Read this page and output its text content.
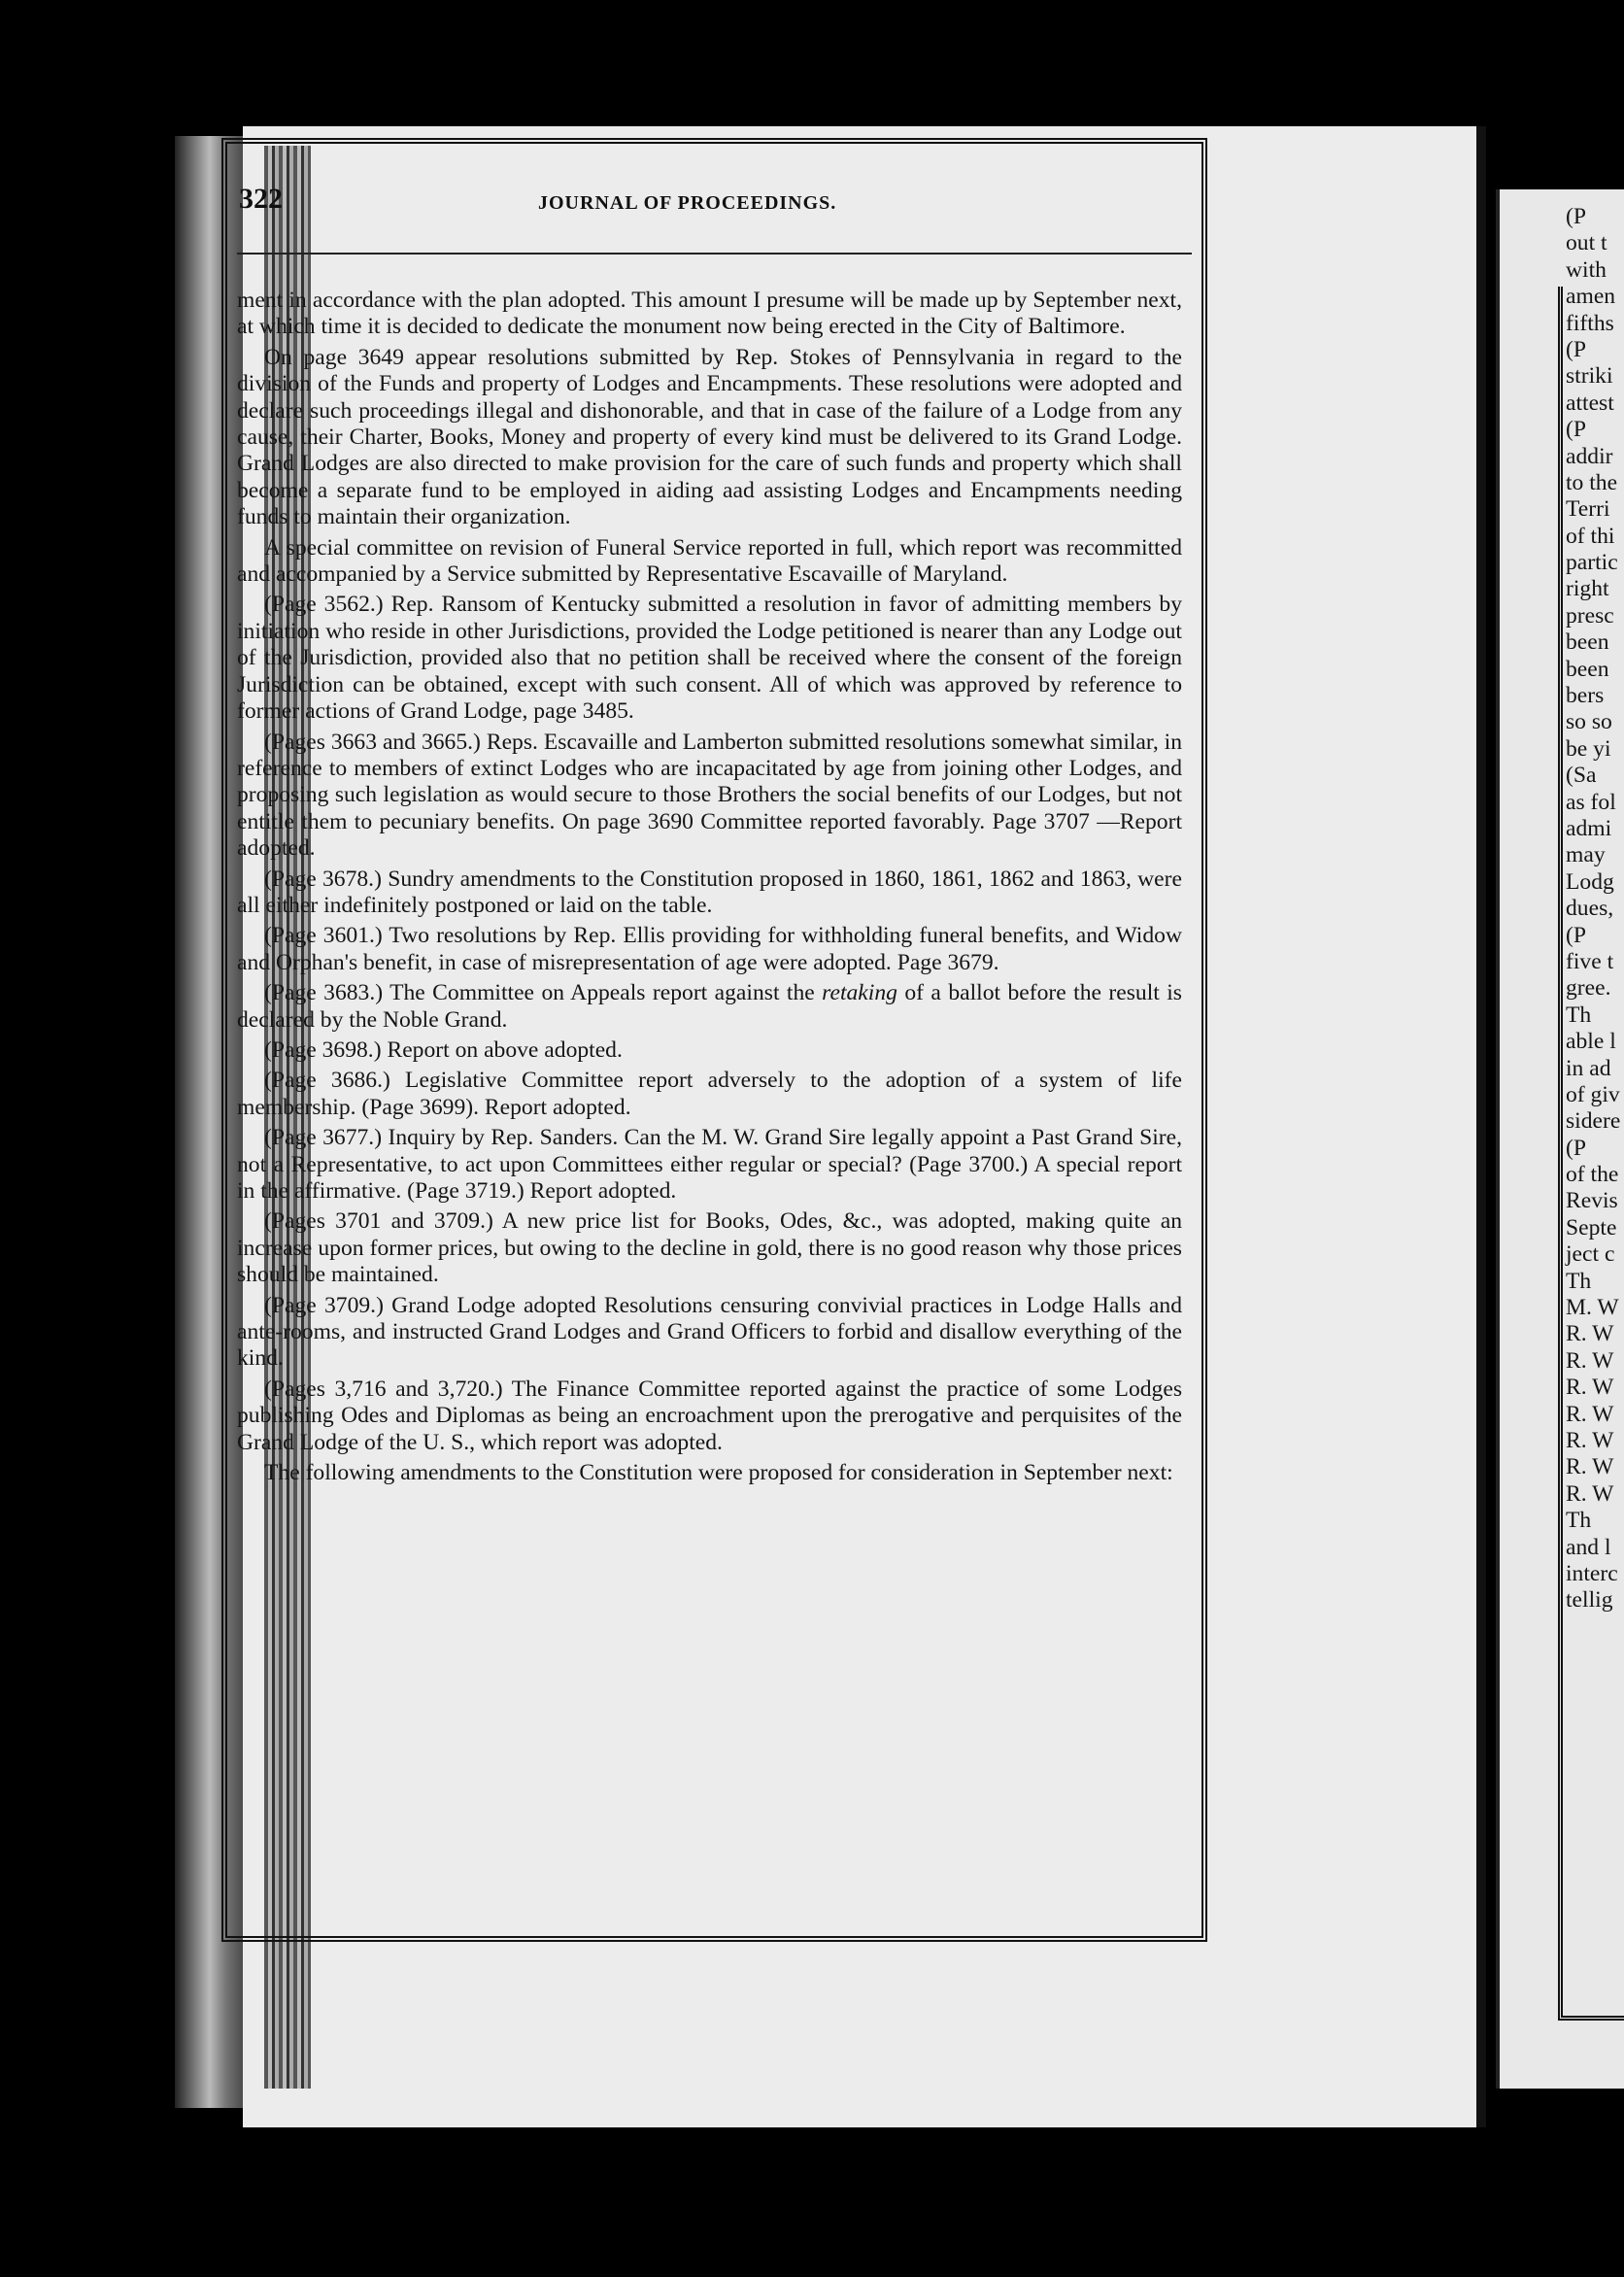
322	JOURNAL OF PROCEEDINGS.

ment in accordance with the plan adopted. This amount I presume will be made up by September next, at which time it is decided to dedicate the monument now being erected in the City of Baltimore.

On page 3649 appear resolutions submitted by Rep. Stokes of Pennsylvania in regard to the division of the Funds and property of Lodges and Encampments. These resolutions were adopted and declare such proceedings illegal and dishonorable, and that in case of the failure of a Lodge from any cause, their Charter, Books, Money and property of every kind must be delivered to its Grand Lodge. Grand Lodges are also directed to make provision for the care of such funds and property which shall become a separate fund to be employed in aiding aad assisting Lodges and Encampments needing funds to maintain their organization.

A special committee on revision of Funeral Service reported in full, which report was recommitted and accompanied by a Service submitted by Representative Escavaille of Maryland.

(Page 3562.) Rep. Ransom of Kentucky submitted a resolution in favor of admitting members by initiation who reside in other Jurisdictions, provided the Lodge petitioned is nearer than any Lodge out of the Jurisdiction, provided also that no petition shall be received where the consent of the foreign Jurisdiction can be obtained, except with such consent. All of which was approved by reference to former actions of Grand Lodge, page 3485.

(Pages 3663 and 3665.) Reps. Escavaille and Lamberton submitted resolutions somewhat similar, in reference to members of extinct Lodges who are incapacitated by age from joining other Lodges, and proposing such legislation as would secure to those Brothers the social benefits of our Lodges, but not entitle them to pecuniary benefits. On page 3690 Committee reported favorably. Page 3707 —Report adopted.

(Page 3678.) Sundry amendments to the Constitution proposed in 1860, 1861, 1862 and 1863, were all either indefinitely postponed or laid on the table.

(Page 3601.) Two resolutions by Rep. Ellis providing for withholding funeral benefits, and Widow and Orphan's benefit, in case of misrepresentation of age were adopted. Page 3679.

(Page 3683.) The Committee on Appeals report against the retaking of a ballot before the result is declared by the Noble Grand.

(Page 3698.) Report on above adopted.

(Page 3686.) Legislative Committee report adversely to the adoption of a system of life membership. (Page 3699). Report adopted.

(Page 3677.) Inquiry by Rep. Sanders. Can the M. W. Grand Sire legally appoint a Past Grand Sire, not a Representative, to act upon Committees either regular or special? (Page 3700.) A special report in the affirmative. (Page 3719.) Report adopted.

(Pages 3701 and 3709.) A new price list for Books, Odes, &c., was adopted, making quite an increase upon former prices, but owing to the decline in gold, there is no good reason why those prices should be maintained.

(Page 3709.) Grand Lodge adopted Resolutions censuring convivial practices in Lodge Halls and ante-rooms, and instructed Grand Lodges and Grand Officers to forbid and disallow everything of the kind.

(Pages 3,716 and 3,720.) The Finance Committee reported against the practice of some Lodges publishing Odes and Diplomas as being an encroachment upon the prerogative and perquisites of the Grand Lodge of the U. S., which report was adopted.

The following amendments to the Constitution were proposed for consideration in September next:

(P
out t
with
amen
fifths
(P
striki
attest
(P
addir
to the
Terri
of thi
partic
right
presc
been
been
bers
so so
be yi
(Sa
as fol
admi
may
Lodg
dues,
(P
five t
gree.
Th
able l
in ad
of giv
sidere
(P
of the
Revis
Septe
ject c
Th
M. W
R. W
R. W
R. W
R. W
R. W
R. W
R. W
Th
and l
interc
tellig
